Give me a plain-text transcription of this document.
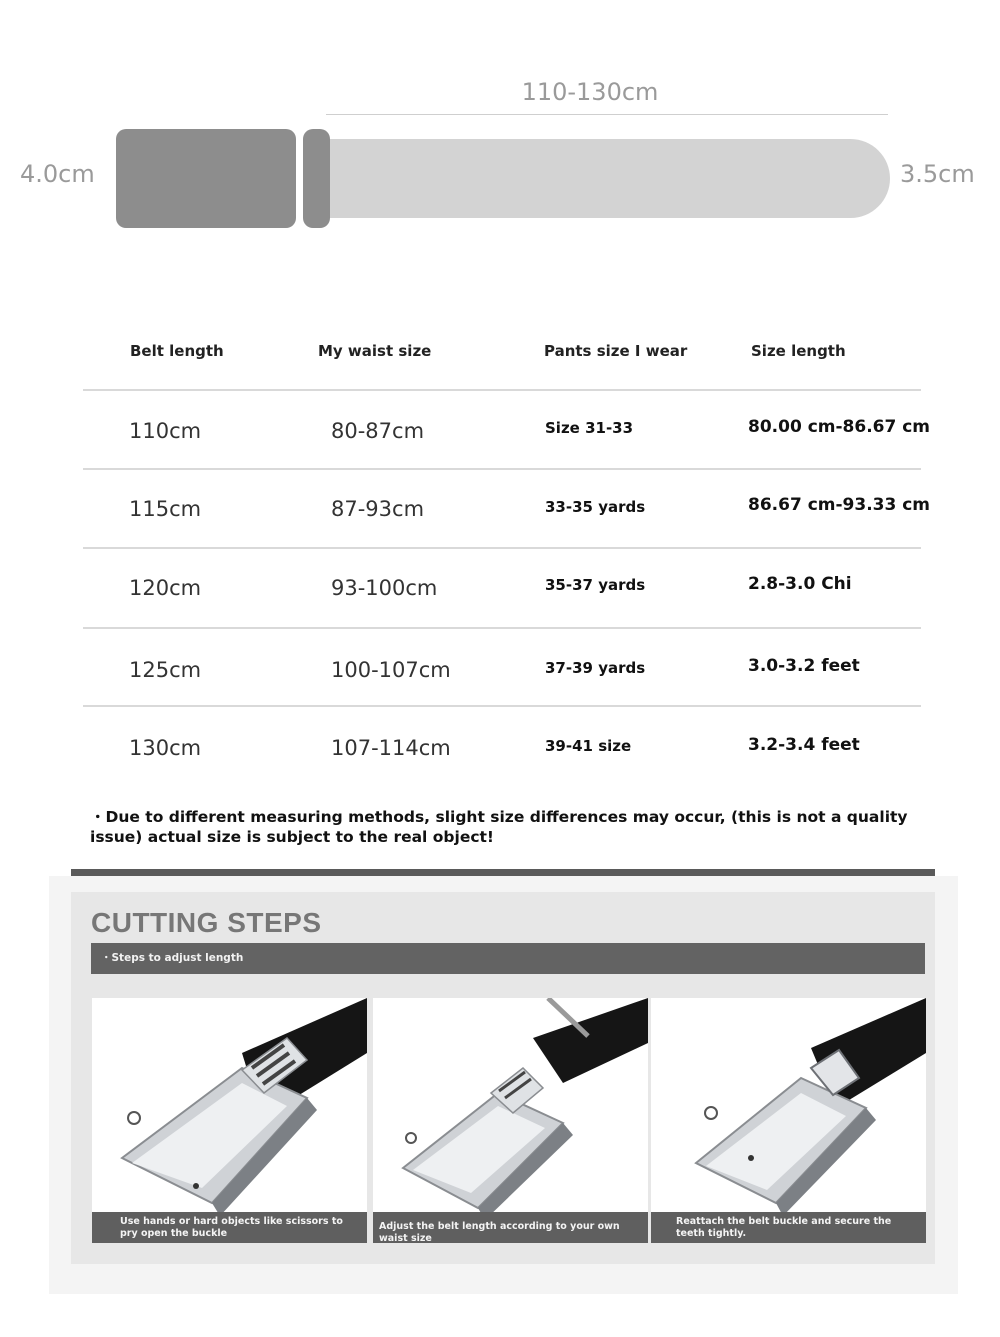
110-130cm
4.0cm	3.5cm
Belt length	My waist size	Pants size I wear	Size length
110cm	80-87cm	Size 31-33	80.00 cm-86.67 cm
115cm	87-93cm	33-35 yards	86.67 cm-93.33 cm
120cm	93-100cm	35-37 yards	2.8-3.0 Chi
125cm	100-107cm	37-39 yards	3.0-3.2 feet
130cm	107-114cm	39-41 size	3.2-3.4 feet
・Due to different measuring methods, slight size differences may occur, (this is not a quality issue) actual size is subject to the real object!
CUTTING STEPS
・Steps to adjust length
Use hands or hard objects like scissors to pry open the buckle
Adjust the belt length according to your own waist size
Reattach the belt buckle and secure the teeth tightly.
